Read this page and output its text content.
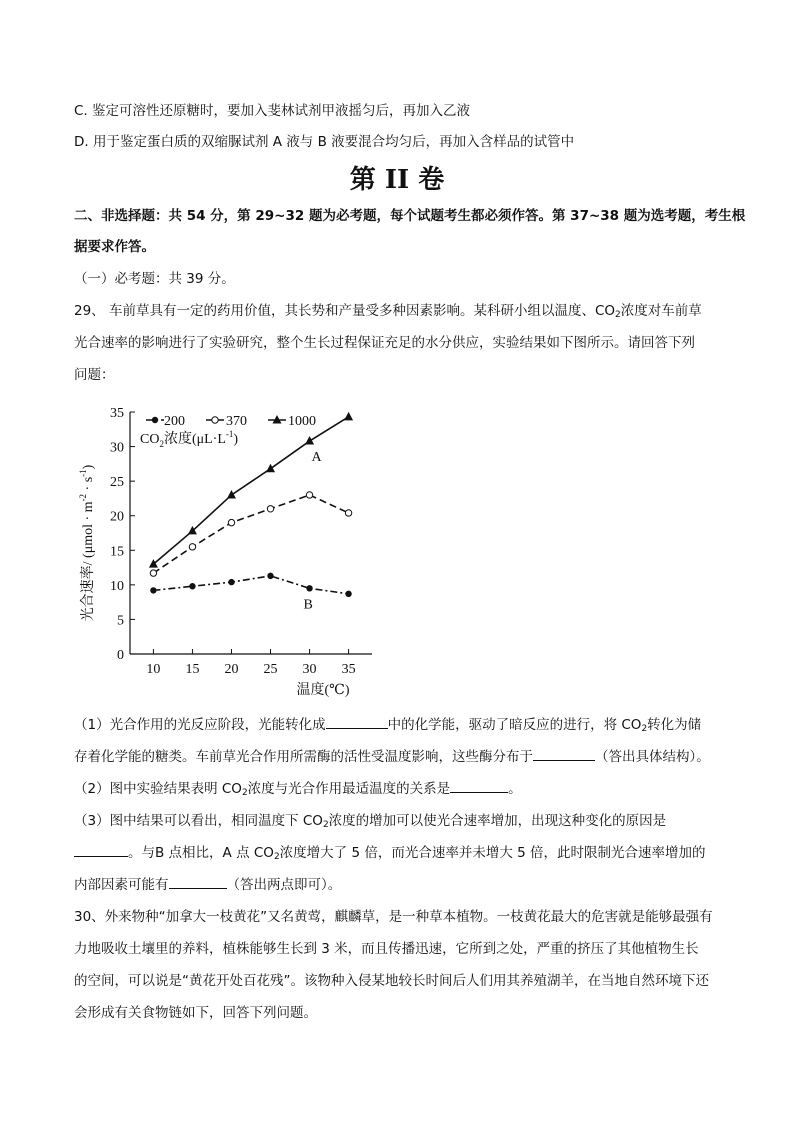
C. 鉴定可溶性还原糖时，要加入斐林试剂甲液摇匀后，再加入乙液
D. 用于鉴定蛋白质的双缩脲试剂 A 液与 B 液要混合均匀后，再加入含样品的试管中
第 II 卷
二、非选择题：共 54 分，第 29~32 题为必考题，每个试题考生都必须作答。第 37~38 题为选考题，考生根
据要求作答。
（一）必考题：共 39 分。
29、 车前草具有一定的药用价值，其长势和产量受多种因素影响。某科研小组以温度、$CO_2$浓度对车前草
光合速率的影响进行了实验研究，整个生长过程保证充足的水分供应，实验结果如下图所示。请回答下列
问题：
0
5
10
15
20
25
30
35
10 15 20 25 30 35
温度(℃)
光合速率/ $(\mu mol \cdot m^{-2} \cdot s^{-1})$
A
B
200	370	1000
$CO_2$浓度$(\mu L\cdot L^{-1})$
（1）光合作用的光反应阶段，光能转化成	中的化学能，驱动了暗反应的进行，将 $CO_2$转化为储
存着化学能的糖类。车前草光合作用所需酶的活性受温度影响，这些酶分布于	（答出具体结构）。
（2）图中实验结果表明 $CO_2$浓度与光合作用最适温度的关系是	。
（3）图中结果可以看出，相同温度下 $CO_2$浓度的增加可以使光合速率增加，出现这种变化的原因是
。与B 点相比，A 点 $CO_2$浓度增大了 5 倍，而光合速率并未增大 5 倍，此时限制光合速率增加的
内部因素可能有	（答出两点即可）。
30、外来物种“加拿大一枝黄花”又名黄莺，麒麟草，是一种草本植物。一枝黄花最大的危害就是能够最强有
力地吸收土壤里的养料，植株能够生长到 3 米，而且传播迅速，它所到之处，严重的挤压了其他植物生长
的空间，可以说是“黄花开处百花残”。该物种入侵某地较长时间后人们用其养殖湖羊，在当地自然环境下还
会形成有关食物链如下，回答下列问题。
